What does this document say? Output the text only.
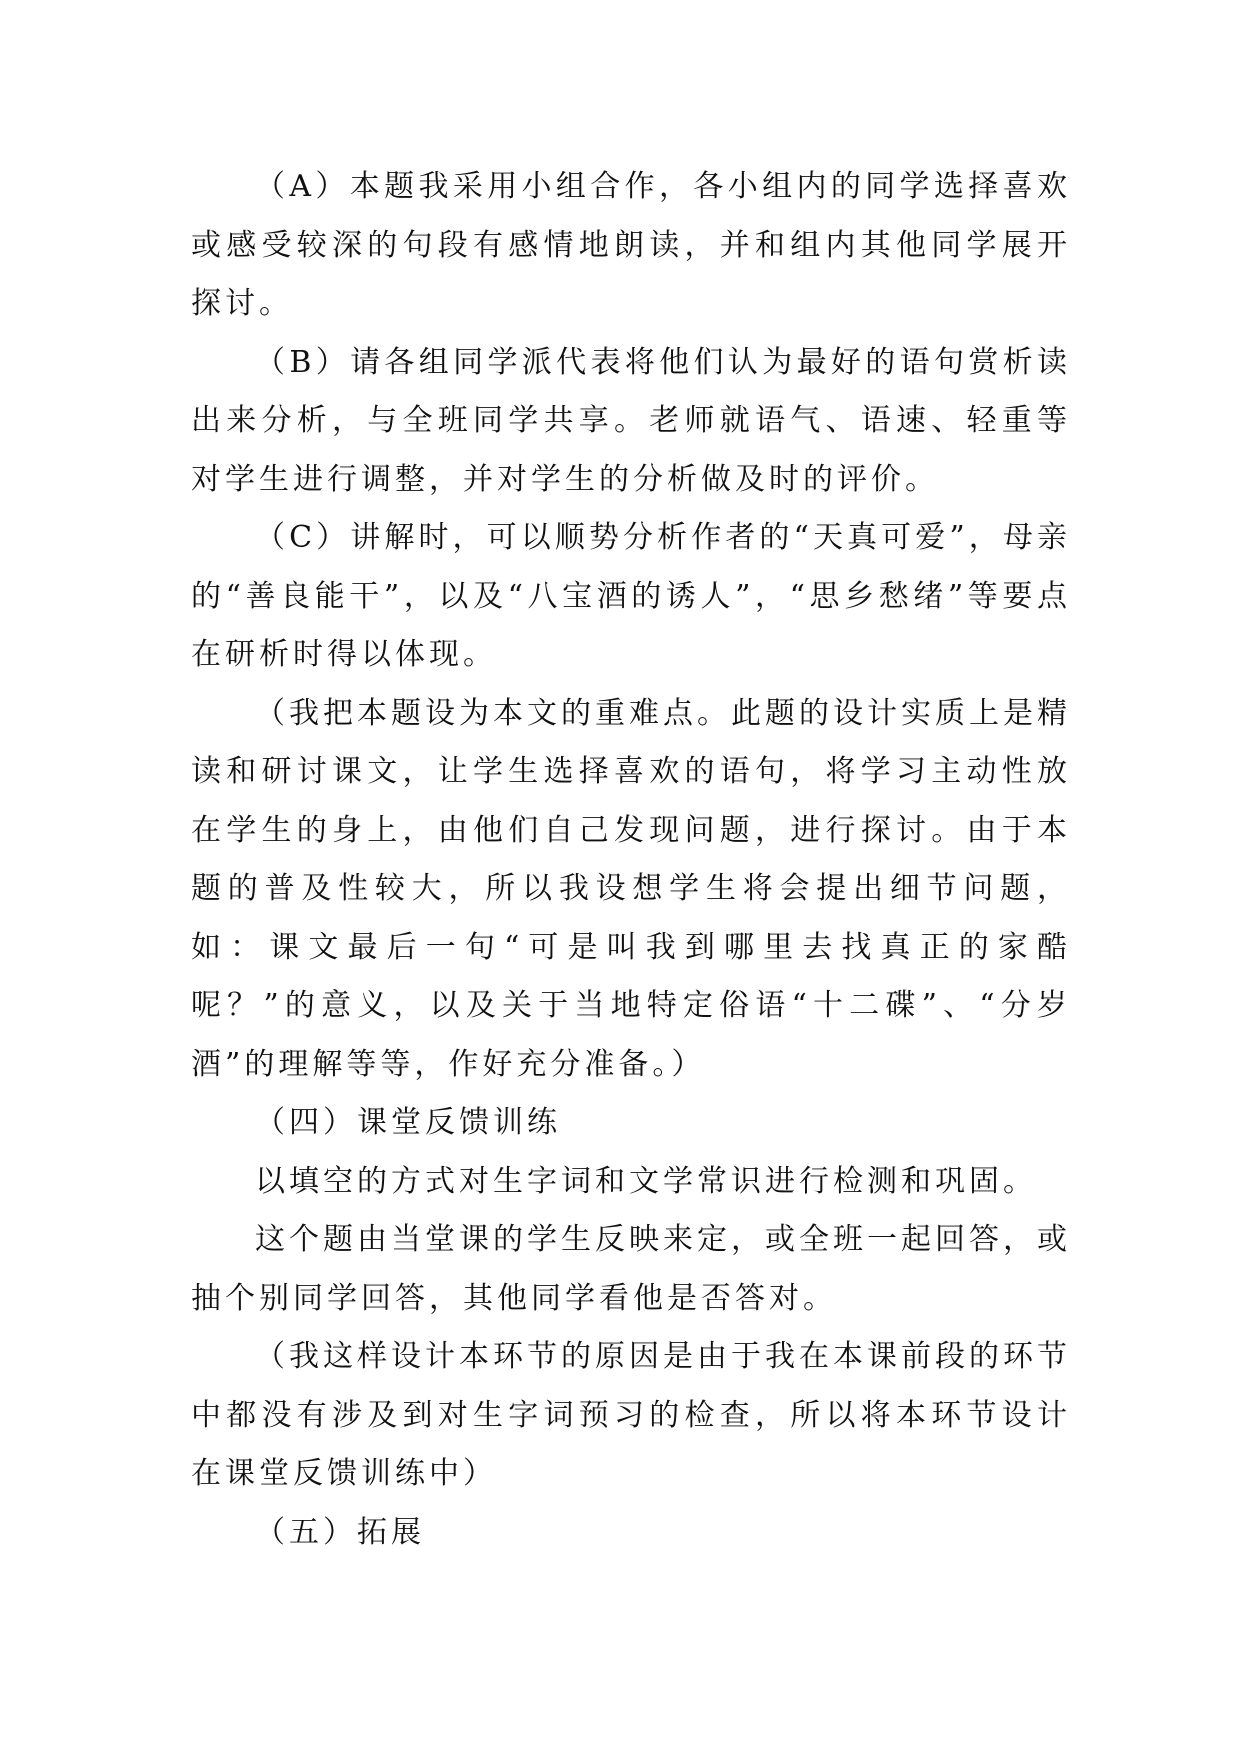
（A）本题我采用小组合作，各小组内的同学选择喜欢或感受较深的句段有感情地朗读，并和组内其他同学展开探讨。

（B）请各组同学派代表将他们认为最好的语句赏析读出来分析，与全班同学共享。老师就语气、语速、轻重等对学生进行调整，并对学生的分析做及时的评价。

（C）讲解时，可以顺势分析作者的“天真可爱”，母亲的“善良能干”，以及“八宝酒的诱人”，“思乡愁绪”等要点在研析时得以体现。

（我把本题设为本文的重难点。此题的设计实质上是精读和研讨课文，让学生选择喜欢的语句，将学习主动性放在学生的身上，由他们自己发现问题，进行探讨。由于本题的普及性较大，所以我设想学生将会提出细节问题，如：课文最后一句“可是叫我到哪里去找真正的家酷呢？”的意义，以及关于当地特定俗语“十二碟”、“分岁酒”的理解等等，作好充分准备。）

（四）课堂反馈训练

以填空的方式对生字词和文学常识进行检测和巩固。

这个题由当堂课的学生反映来定，或全班一起回答，或抽个别同学回答，其他同学看他是否答对。

（我这样设计本环节的原因是由于我在本课前段的环节中都没有涉及到对生字词预习的检查，所以将本环节设计在课堂反馈训练中）

（五）拓展
